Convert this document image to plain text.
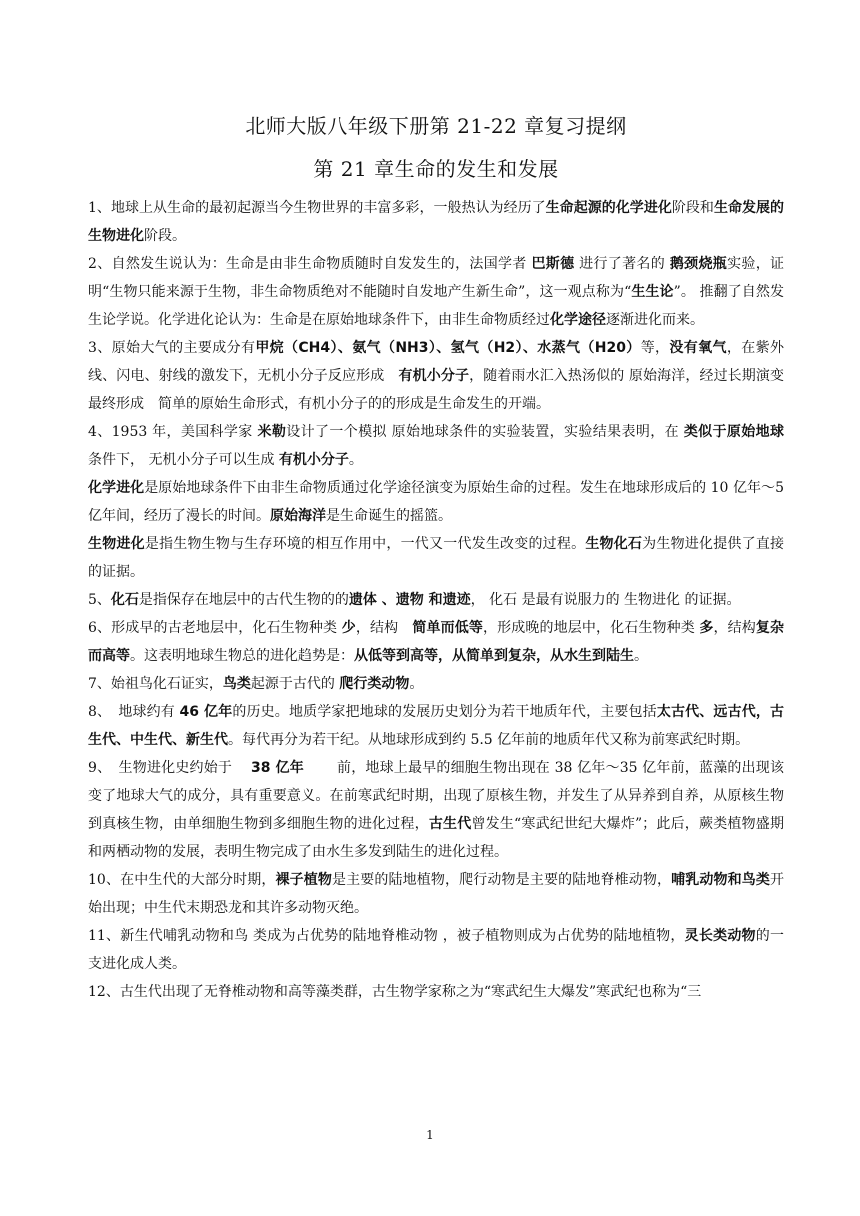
北师大版八年级下册第 21-22 章复习提纲
第 21 章生命的发生和发展

1、地球上从生命的最初起源当今生物世界的丰富多彩，一般热认为经历了生命起源的化学进化阶段和生命发展的生物进化阶段。

2、自然发生说认为：生命是由非生命物质随时自发发生的，法国学者 巴斯德 进行了著名的 鹅颈烧瓶实验，证明“生物只能来源于生物，非生命物质绝对不能随时自发地产生新生命”，这一观点称为“生生论”。 推翻了自然发生论学说。化学进化论认为：生命是在原始地球条件下，由非生命物质经过化学途径逐渐进化而来。

3、原始大气的主要成分有甲烷（CH4）、氨气（NH3）、氢气（H2）、水蒸气（H20）等，没有氧气，在紫外线、闪电、射线的激发下，无机小分子反应形成　有机小分子，随着雨水汇入热汤似的 原始海洋，经过长期演变最终形成　简单的原始生命形式，有机小分子的的形成是生命发生的开端。

4、1953 年，美国科学家 米勒设计了一个模拟 原始地球条件的实验装置，实验结果表明，在 类似于原始地球 条件下， 无机小分子可以生成 有机小分子。

化学进化是原始地球条件下由非生命物质通过化学途径演变为原始生命的过程。发生在地球形成后的 10 亿年～5 亿年间，经历了漫长的时间。原始海洋是生命诞生的摇篮。

生物进化是指生物生物与生存环境的相互作用中，一代又一代发生改变的过程。生物化石为生物进化提供了直接的证据。

5、化石是指保存在地层中的古代生物的的遗体 、遗物 和遗迹， 化石 是最有说服力的 生物进化 的证据。

6、形成早的古老地层中，化石生物种类 少，结构　简单而低等，形成晚的地层中，化石生物种类 多，结构复杂而高等。这表明地球生物总的进化趋势是：从低等到高等，从简单到复杂，从水生到陆生。

7、始祖鸟化石证实，鸟类起源于古代的 爬行类动物。

8、　地球约有 46 亿年的历史。地质学家把地球的发展历史划分为若干地质年代，主要包括太古代、远古代，古生代、中生代、新生代。每代再分为若干纪。从地球形成到约 5.5 亿年前的地质年代又称为前寒武纪时期。

9、　生物进化史约始于　 38 亿年　　 前，地球上最早的细胞生物出现在 38 亿年～35 亿年前，蓝藻的出现该变了地球大气的成分，具有重要意义。在前寒武纪时期，出现了原核生物，并发生了从异养到自养，从原核生物到真核生物，由单细胞生物到多细胞生物的进化过程，古生代曾发生“寒武纪世纪大爆炸”；此后，蕨类植物盛期和两栖动物的发展，表明生物完成了由水生多发到陆生的进化过程。

10、在中生代的大部分时期，裸子植物是主要的陆地植物，爬行动物是主要的陆地脊椎动物，哺乳动物和鸟类开始出现；中生代末期恐龙和其许多动物灭绝。

11、新生代哺乳动物和鸟 类成为占优势的陆地脊椎动物 ，被子植物则成为占优势的陆地植物，灵长类动物的一支进化成人类。

12、古生代出现了无脊椎动物和高等藻类群，古生物学家称之为“寒武纪生大爆发”寒武纪也称为“三

1
